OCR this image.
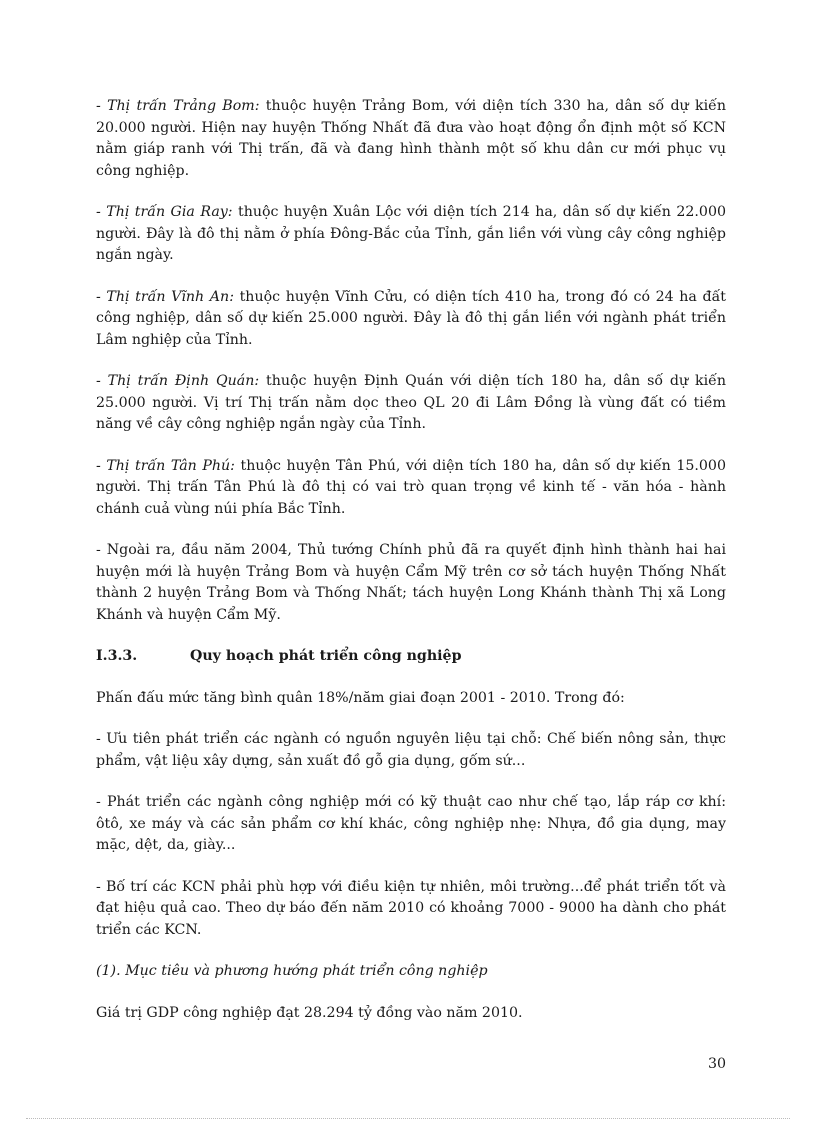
- Thị trấn Trảng Bom: thuộc huyện Trảng Bom, với diện tích 330 ha, dân số dự kiến 20.000 người. Hiện nay huyện Thống Nhất đã đưa vào hoạt động ổn định một số KCN nằm giáp ranh với Thị trấn, đã và đang hình thành một số khu dân cư mới phục vụ công nghiệp.

- Thị trấn Gia Ray: thuộc huyện Xuân Lộc với diện tích 214 ha, dân số dự kiến 22.000 người. Đây là đô thị nằm ở phía Đông-Bắc của Tỉnh, gắn liền với vùng cây công nghiệp ngắn ngày.

- Thị trấn Vĩnh An: thuộc huyện Vĩnh Cửu, có diện tích 410 ha, trong đó có 24 ha đất công nghiệp, dân số dự kiến 25.000 người. Đây là đô thị gắn liền với ngành phát triển Lâm nghiệp của Tỉnh.

- Thị trấn Định Quán: thuộc huyện Định Quán với diện tích 180 ha, dân số dự kiến 25.000 người. Vị trí Thị trấn nằm dọc theo QL 20 đi Lâm Đồng là vùng đất có tiềm năng về cây công nghiệp ngắn ngày của Tỉnh.

- Thị trấn Tân Phú: thuộc huyện Tân Phú, với diện tích 180 ha, dân số dự kiến 15.000 người. Thị trấn Tân Phú là đô thị có vai trò quan trọng về kinh tế - văn hóa - hành chánh cuả vùng núi phía Bắc Tỉnh.

- Ngoài ra, đầu năm 2004, Thủ tướng Chính phủ đã ra quyết định hình thành hai hai huyện mới là huyện Trảng Bom và huyện Cẩm Mỹ trên cơ sở tách huyện Thống Nhất thành 2 huyện Trảng Bom và Thống Nhất; tách huyện Long Khánh thành Thị xã Long Khánh và huyện Cẩm Mỹ.

I.3.3.	Quy hoạch phát triển công nghiệp

Phấn đấu mức tăng bình quân 18%/năm giai đoạn 2001 - 2010. Trong đó:

- Ưu tiên phát triển các ngành có nguồn nguyên liệu tại chỗ: Chế biến nông sản, thực phẩm, vật liệu xây dựng, sản xuất đồ gỗ gia dụng, gốm sứ...

- Phát triển các ngành công nghiệp mới có kỹ thuật cao như chế tạo, lắp ráp cơ khí: ôtô, xe máy và các sản phẩm cơ khí khác, công nghiệp nhẹ: Nhựa, đồ gia dụng, may mặc, dệt, da, giày...

- Bố trí các KCN phải phù hợp với điều kiện tự nhiên, môi trường...để phát triển tốt và đạt hiệu quả cao. Theo dự báo đến năm 2010 có khoảng 7000 - 9000 ha dành cho phát triển các KCN.

(1). Mục tiêu và phương hướng phát triển công nghiệp

Giá trị GDP công nghiệp đạt 28.294 tỷ đồng vào năm 2010.

30
